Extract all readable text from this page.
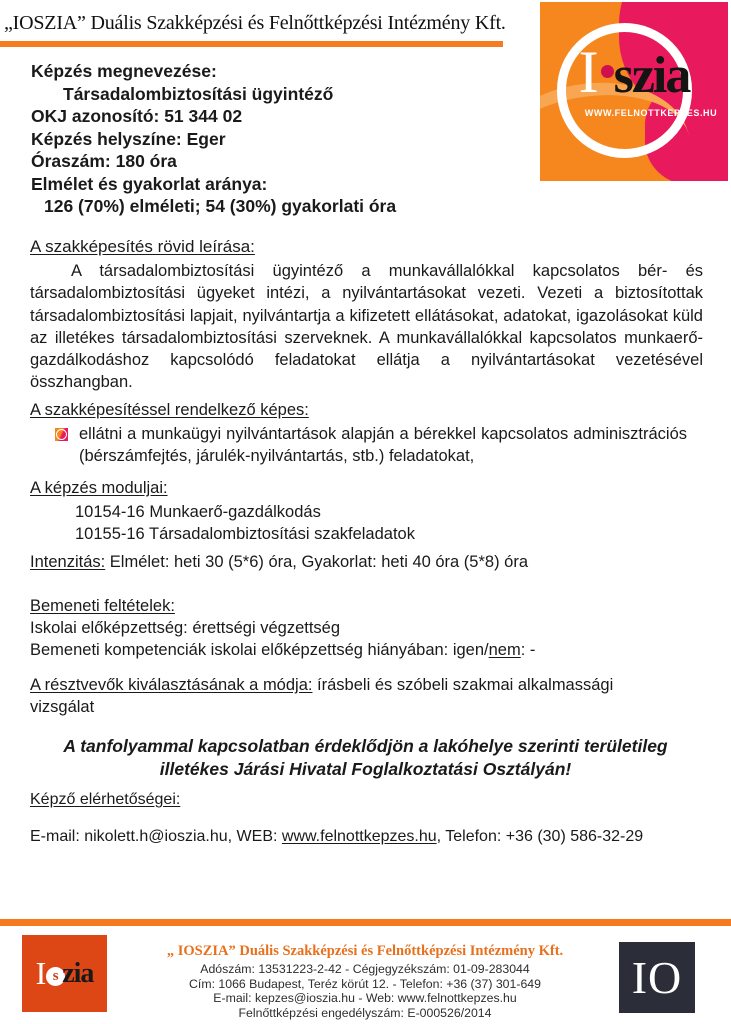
„IOSZIA” Duális Szakképzési és Felnőttképzési Intézmény Kft.
I szia
WWW.FELNOTTKEPZES.HU
Képzés megnevezése:
Társadalombiztosítási ügyintéző
OKJ azonosító: 51 344 02
Képzés helyszíne: Eger
Óraszám: 180 óra
Elmélet és gyakorlat aránya:
126 (70%) elméleti; 54 (30%) gyakorlati óra
A szakképesítés rövid leírása:
A társadalombiztosítási ügyintéző a munkavállalókkal kapcsolatos bér- és társadalombiztosítási ügyeket intézi, a nyilvántartásokat vezeti. Vezeti a biztosítottak társadalombiztosítási lapjait, nyilvántartja a kifizetett ellátásokat, adatokat, igazolásokat küld az illetékes társadalombiztosítási szerveknek. A munkavállalókkal kapcsolatos munkaerő-gazdálkodáshoz kapcsolódó feladatokat ellátja a nyilvántartásokat vezetésével összhangban.
A szakképesítéssel rendelkező képes:
ellátni a munkaügyi nyilvántartások alapján a bérekkel kapcsolatos adminisztrációs (bérszámfejtés, járulék-nyilvántartás, stb.) feladatokat,
A képzés moduljai:
10154-16 Munkaerő-gazdálkodás
10155-16 Társadalombiztosítási szakfeladatok
Intenzitás: Elmélet: heti 30 (5*6) óra, Gyakorlat: heti 40 óra (5*8) óra
Bemeneti feltételek:
Iskolai előképzettség: érettségi végzettség
Bemeneti kompetenciák iskolai előképzettség hiányában: igen/nem: -
A résztvevők kiválasztásának a módja: írásbeli és szóbeli szakmai alkalmassági vizsgálat
A tanfolyammal kapcsolatban érdeklődjön a lakóhelye szerinti területileg illetékes Járási Hivatal Foglalkoztatási Osztályán!
Képző elérhetőségei:
E-mail: nikolett.h@ioszia.hu, WEB: www.felnottkepzes.hu, Telefon: +36 (30) 586-32-29
I s zia
„ IOSZIA” Duális Szakképzési és Felnőttképzési Intézmény Kft.
Adószám: 13531223-2-42 - Cégjegyzékszám: 01-09-283044
Cím: 1066 Budapest, Teréz körút 12. - Telefon: +36 (37) 301-649
E-mail: kepzes@ioszia.hu - Web: www.felnottkepzes.hu
Felnőttképzési engedélyszám: E-000526/2014
IO
